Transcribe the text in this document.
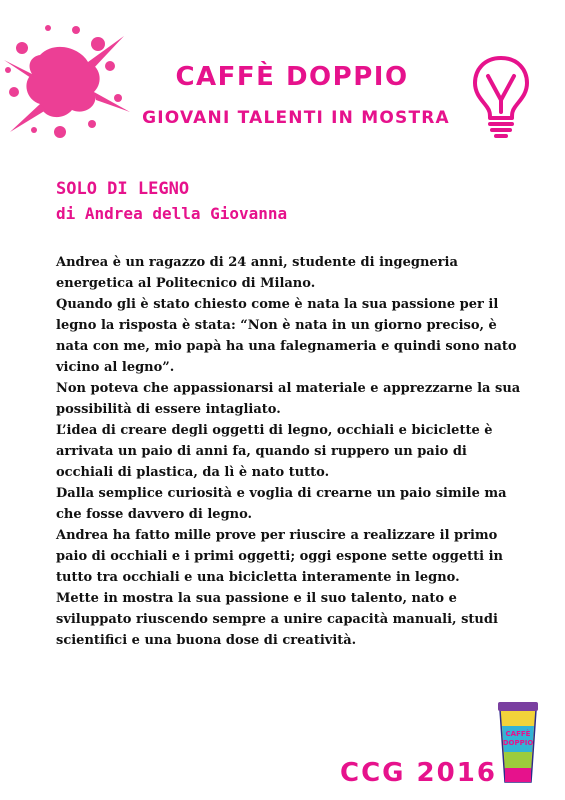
CAFFÈ DOPPIO
GIOVANI TALENTI IN MOSTRA
SOLO DI LEGNO
di Andrea della Giovanna

Andrea è un ragazzo di 24 anni, studente di ingegneria energetica al Politecnico di Milano.

Quando gli è stato chiesto come è nata la sua passione per il legno la risposta è stata: “Non è nata in un giorno preciso, è nata con me, mio papà ha una falegnameria e quindi sono nato vicino al legno”.

Non poteva che appassionarsi al materiale e apprezzarne la sua possibilità di essere intagliato.

L’idea di creare degli oggetti di legno, occhiali e biciclette è arrivata un paio di anni fa, quando si ruppero un paio di occhiali di plastica, da lì è nato tutto.

Dalla semplice curiosità e voglia di crearne un paio simile ma che fosse davvero di legno.

Andrea ha fatto mille prove per riuscire a realizzare il primo paio di occhiali e i primi oggetti; oggi espone sette oggetti in tutto tra occhiali e una bicicletta interamente in legno.

Mette in mostra la sua passione e il suo talento, nato e sviluppato riuscendo sempre a unire capacità manuali, studi scientifici e una buona dose di creatività.

CAFFÈ
DOPPIO
CCG 2016
